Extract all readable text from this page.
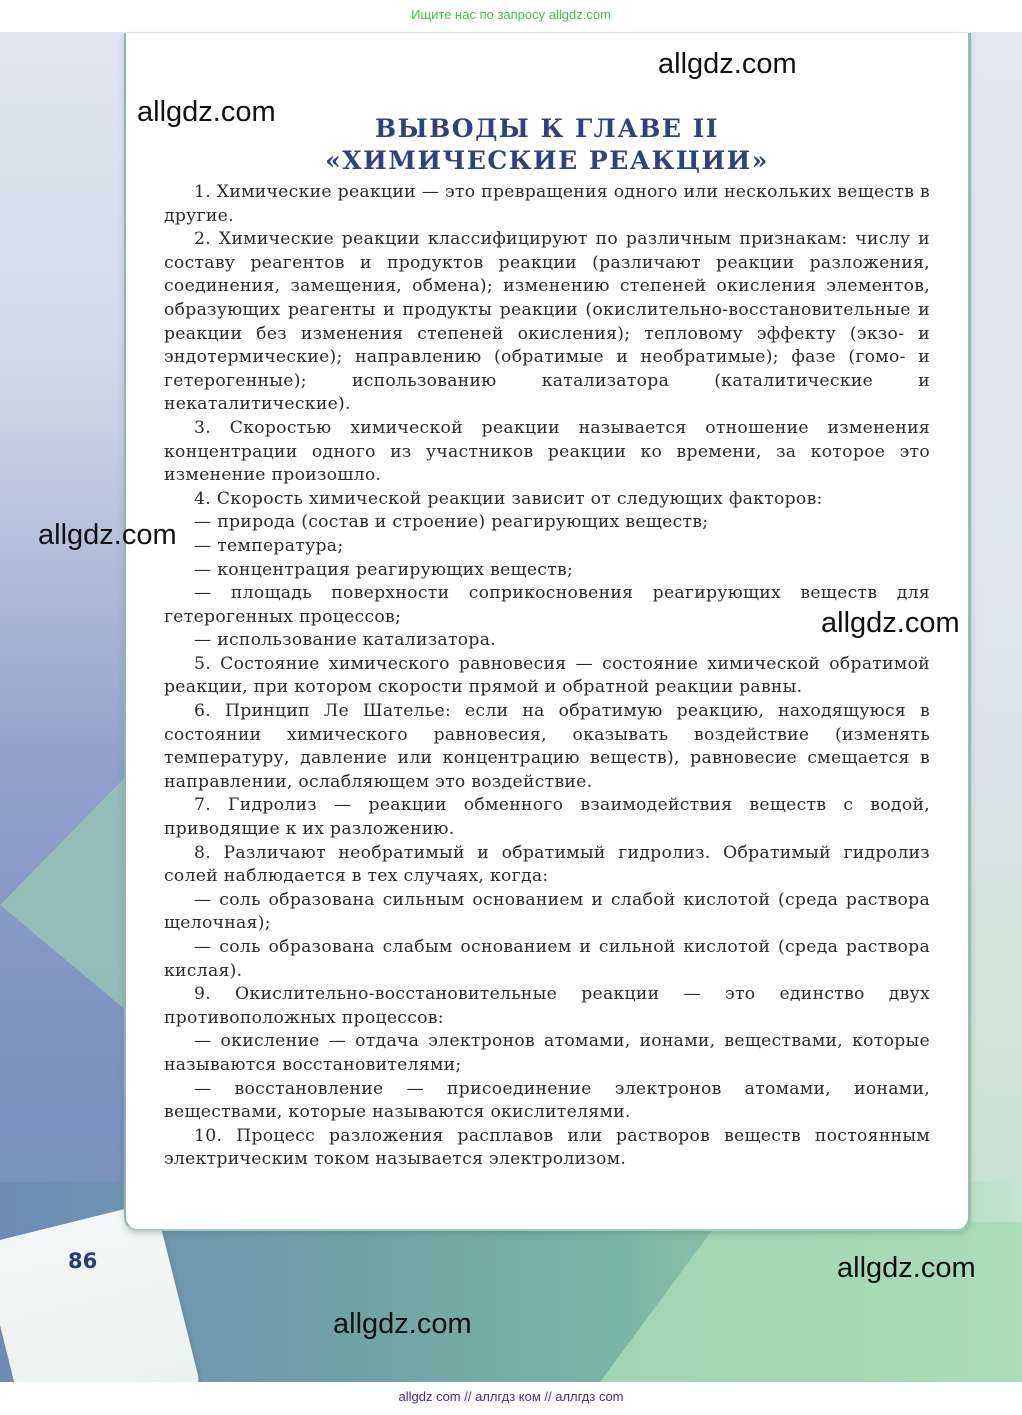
Ищите нас по запросу allgdz.com
86
ВЫВОДЫ К ГЛАВЕ II
«ХИМИЧЕСКИЕ РЕАКЦИИ»

1. Химические реакции — это превращения одного или нескольких веществ в другие.

2. Химические реакции классифицируют по различным признакам: числу и составу реагентов и продуктов реакции (различают реакции разложения, соединения, замещения, обмена); изменению степеней окисления элементов, образующих реагенты и продукты реакции (окислительно-восстановительные и реакции без изменения степеней окисления); тепловому эффекту (экзо- и эндотермические); направлению (обратимые и необратимые); фазе (гомо- и гетерогенные); использованию катализатора (каталитические и некаталитические).

3. Скоростью химической реакции называется отношение изменения концентрации одного из участников реакции ко времени, за которое это изменение произошло.

4. Скорость химической реакции зависит от следующих факторов:

— природа (состав и строение) реагирующих веществ;

— температура;

— концентрация реагирующих веществ;

— площадь поверхности соприкосновения реагирующих веществ для гетерогенных процессов;

— использование катализатора.

5. Состояние химического равновесия — состояние химической обратимой реакции, при котором скорости прямой и обратной реакции равны.

6. Принцип Ле Шателье: если на обратимую реакцию, находящуюся в состоянии химического равновесия, оказывать воздействие (изменять температуру, давление или концентрацию веществ), равновесие смещается в направлении, ослабляющем это воздействие.

7. Гидролиз — реакции обменного взаимодействия веществ с водой, приводящие к их разложению.

8. Различают необратимый и обратимый гидролиз. Обратимый гидролиз солей наблюдается в тех случаях, когда:

— соль образована сильным основанием и слабой кислотой (среда раствора щелочная);

— соль образована слабым основанием и сильной кислотой (среда раствора кислая).

9. Окислительно-восстановительные реакции — это единство двух противоположных процессов:

— окисление — отдача электронов атомами, ионами, веществами, которые называются восстановителями;

— восстановление — присоединение электронов атомами, ионами, веществами, которые называются окислителями.

10. Процесс разложения расплавов или растворов веществ постоянным электрическим током называется электролизом.

allgdz.com
allgdz.com
allgdz.com
allgdz.com
allgdz.com
allgdz.com
allgdz com // аллгдз ком // аллгдз com
